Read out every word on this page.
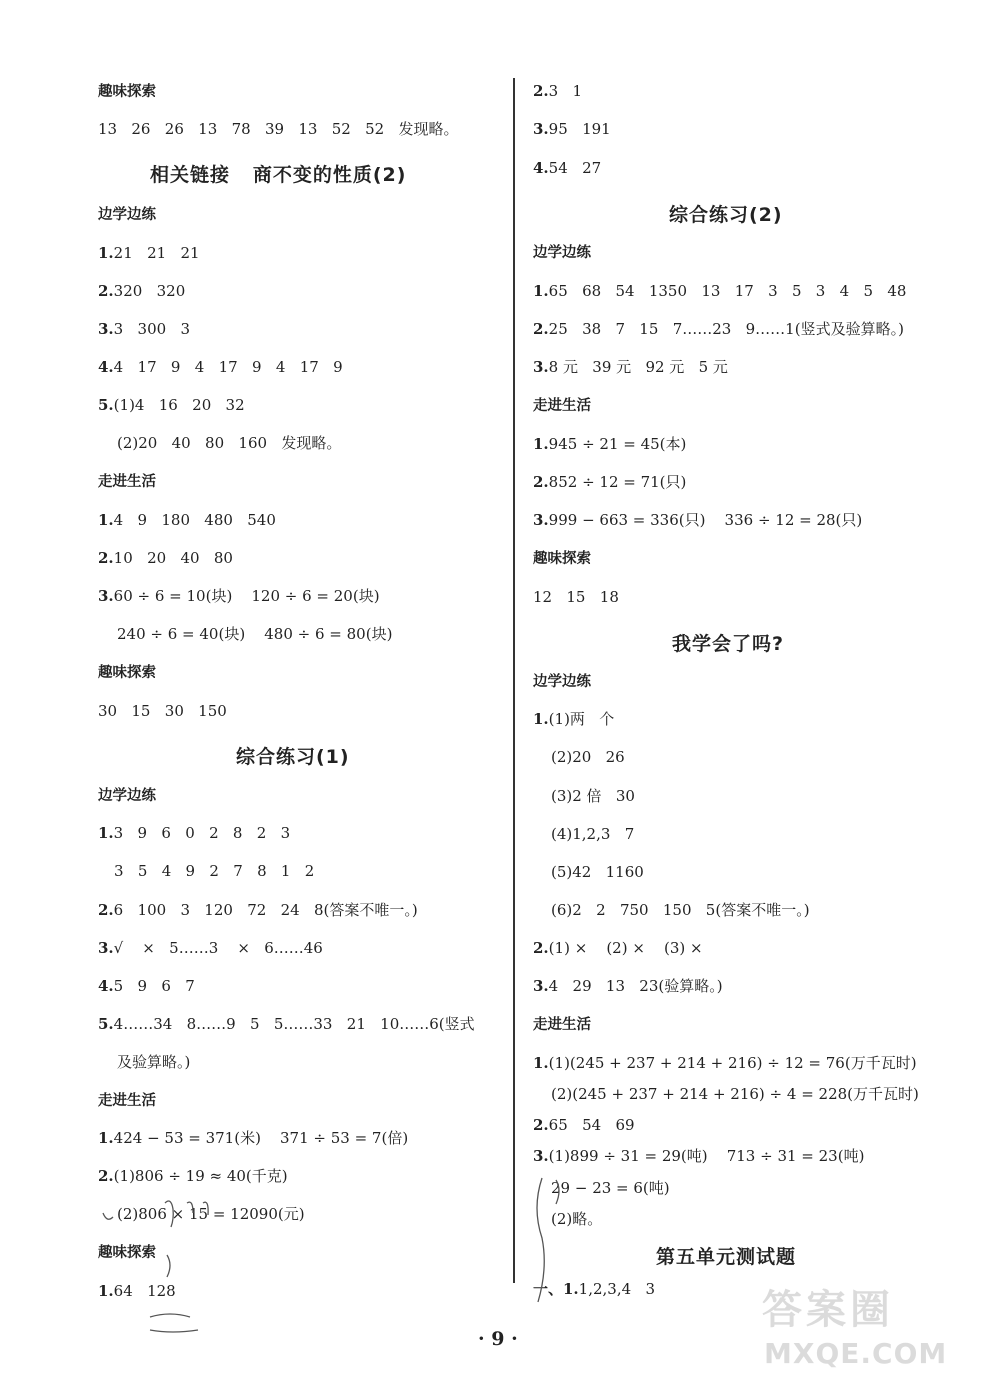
趣味探索
13   26   26   13   78   39   13   52   52   发现略。
相关链接   商不变的性质(2)
边学边练
1.21   21   21
2.320   320
3.3   300   3
4.4   17   9   4   17   9   4   17   9
5.(1)4   16   20   32
(2)20   40   80   160   发现略。
走进生活
1.4   9   180   480   540
2.10   20   40   80
3.60 ÷ 6 = 10(块)    120 ÷ 6 = 20(块)
240 ÷ 6 = 40(块)    480 ÷ 6 = 80(块)
趣味探索
30   15   30   150
综合练习(1)
边学边练
1.3   9   6   0   2   8   2   3
3   5   4   9   2   7   8   1   2
2.6   100   3   120   72   24   8(答案不唯一。)
3.√    ×   5……3    ×   6……46
4.5   9   6   7
5.4……34   8……9   5   5……33   21   10……6(竖式
及验算略。)
走进生活
1.424 − 53 = 371(米)    371 ÷ 53 = 7(倍)
2.(1)806 ÷ 19 ≈ 40(千克)
(2)806 × 15 = 12090(元)
趣味探索
1.64   128
2.3   1
3.95   191
4.54   27
综合练习(2)
边学边练
1.65   68   54   1350   13   17   3   5   3   4   5   48
2.25   38   7   15   7……23   9……1(竖式及验算略。)
3.8 元   39 元   92 元   5 元
走进生活
1.945 ÷ 21 = 45(本)
2.852 ÷ 12 = 71(只)
3.999 − 663 = 336(只)    336 ÷ 12 = 28(只)
趣味探索
12   15   18
我学会了吗?
边学边练
1.(1)两   个
(2)20   26
(3)2 倍   30
(4)1,2,3   7
(5)42   1160
(6)2   2   750   150   5(答案不唯一。)
2.(1) ×    (2) ×    (3) ×
3.4   29   13   23(验算略。)
走进生活
1.(1)(245 + 237 + 214 + 216) ÷ 12 = 76(万千瓦时)
(2)(245 + 237 + 214 + 216) ÷ 4 = 228(万千瓦时)
2.65   54   69
3.(1)899 ÷ 31 = 29(吨)    713 ÷ 31 = 23(吨)
29 − 23 = 6(吨)
(2)略。
第五单元测试题
一、1.1,2,3,4   3
· 9 ·
答案圈
MXQE.COM
